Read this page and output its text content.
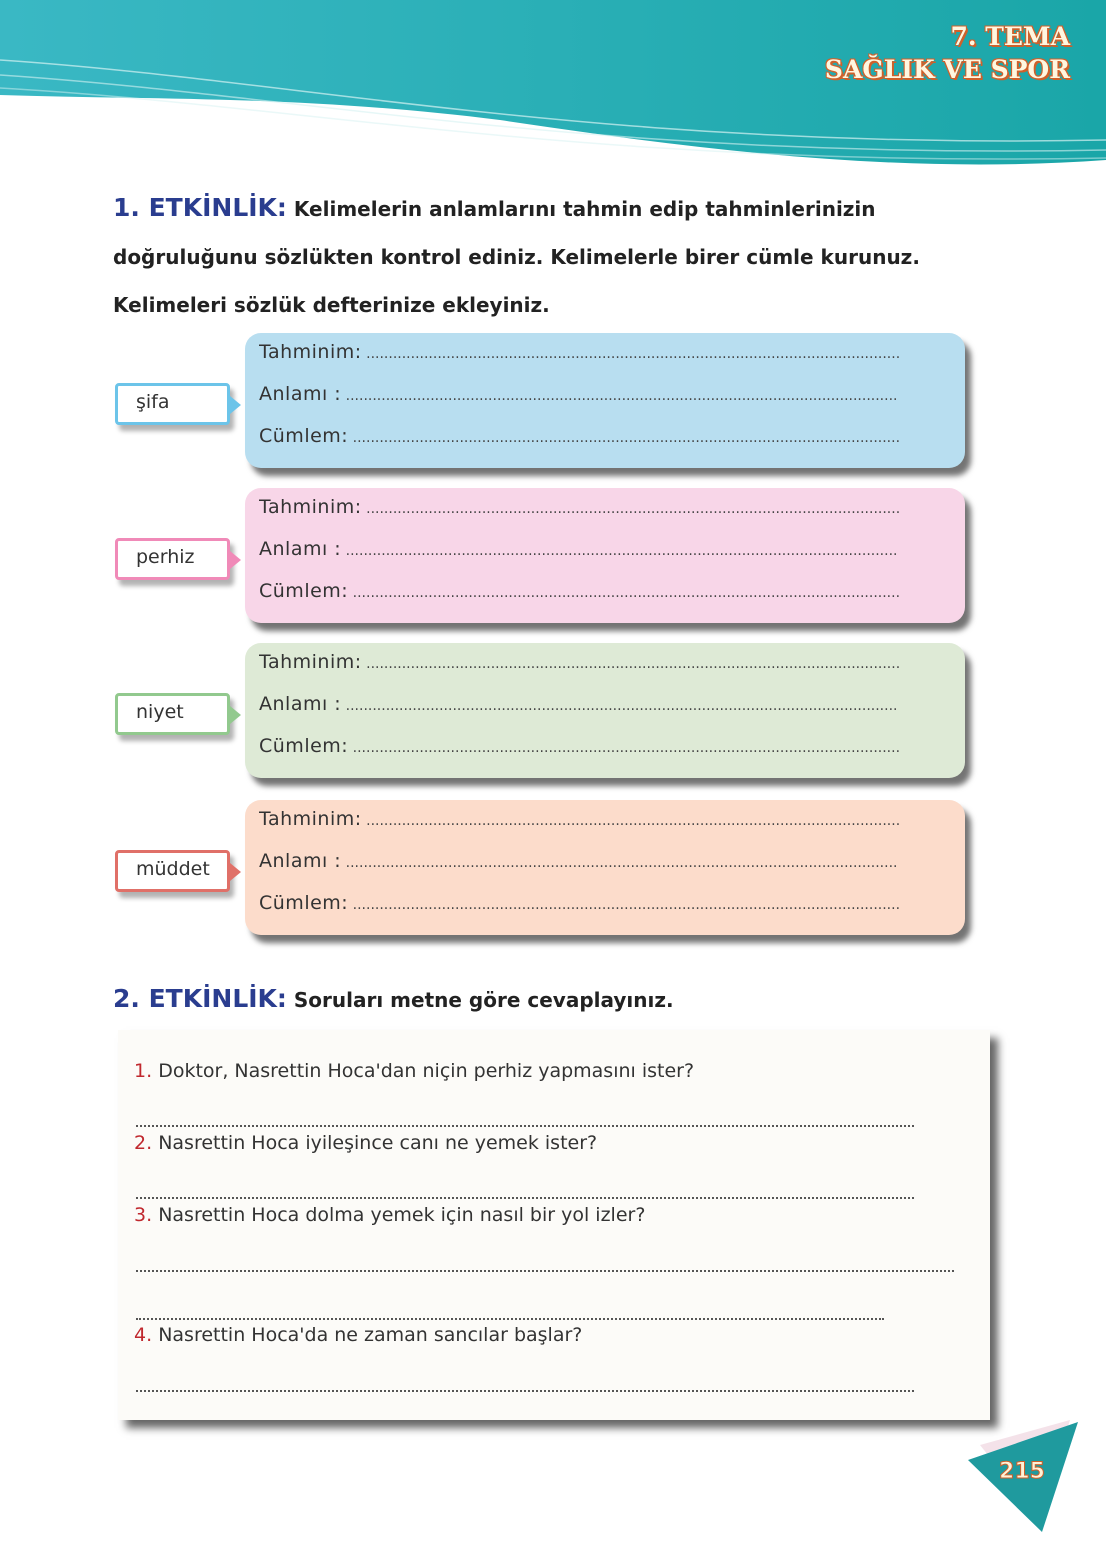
7. TEMA
SAĞLIK VE SPOR
1. ETKİNLİK: Kelimelerin anlamlarını tahmin edip tahminlerinizin doğruluğunu sözlükten kontrol ediniz. Kelimelerle birer cümle kurunuz. Kelimeleri sözlük defterinize ekleyiniz.
şifa
Tahminim: .....
Anlamı : .....
Cümlem: .....
perhiz
Tahminim: .....
Anlamı : .....
Cümlem: .....
niyet
Tahminim: .....
Anlamı : .....
Cümlem: .....
müddet
Tahminim: .....
Anlamı : .....
Cümlem: .....
2. ETKİNLİK: Soruları metne göre cevaplayınız.
1. Doktor, Nasrettin Hoca'dan niçin perhiz yapmasını ister?
2. Nasrettin Hoca iyileşince canı ne yemek ister?
3. Nasrettin Hoca dolma yemek için nasıl bir yol izler?
4. Nasrettin Hoca'da ne zaman sancılar başlar?
215
